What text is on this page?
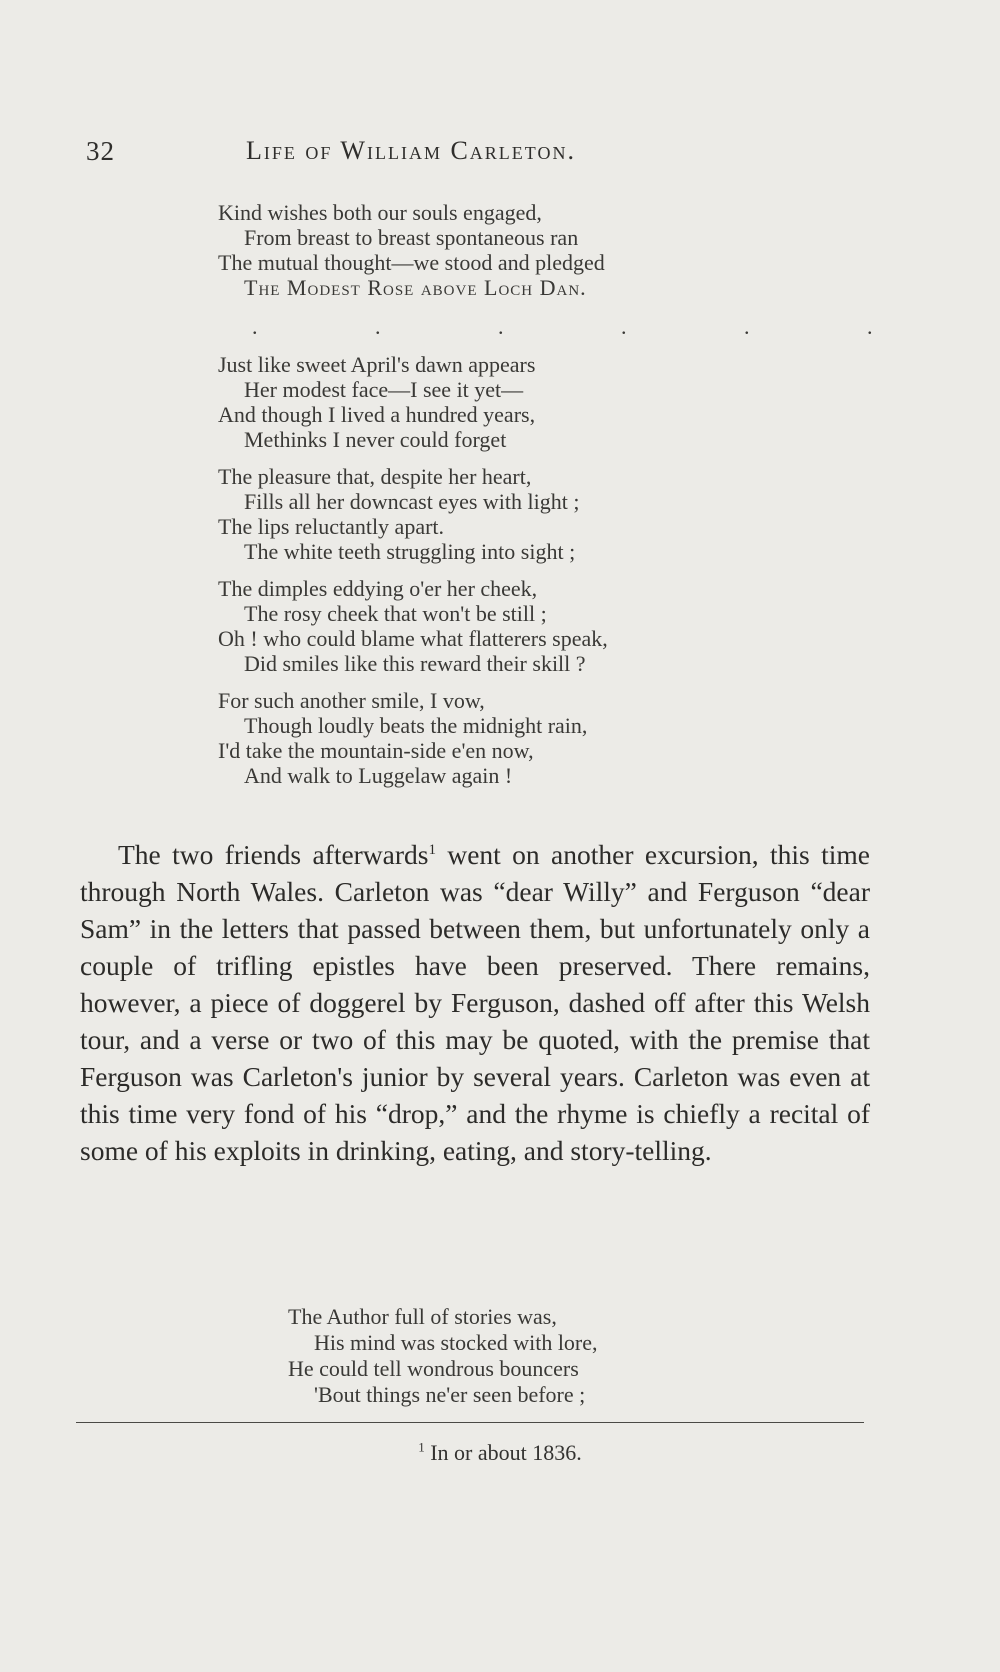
32	Life of William Carleton.
Kind wishes both our souls engaged,
From breast to breast spontaneous ran
The mutual thought—we stood and pledged
The Modest Rose above Loch Dan.
. . . . . .
Just like sweet April's dawn appears
Her modest face—I see it yet—
And though I lived a hundred years,
Methinks I never could forget
The pleasure that, despite her heart,
Fills all her downcast eyes with light ;
The lips reluctantly apart.
The white teeth struggling into sight ;
The dimples eddying o'er her cheek,
The rosy cheek that won't be still ;
Oh ! who could blame what flatterers speak,
Did smiles like this reward their skill ?
For such another smile, I vow,
Though loudly beats the midnight rain,
I'd take the mountain-side e'en now,
And walk to Luggelaw again !

The two friends afterwards$^1$ went on another excursion, this time through North Wales. Carleton was “dear Willy” and Ferguson “dear Sam” in the letters that passed between them, but unfortunately only a couple of trifling epistles have been preserved. There remains, however, a piece of doggerel by Ferguson, dashed off after this Welsh tour, and a verse or two of this may be quoted, with the premise that Ferguson was Carleton's junior by several years. Carleton was even at this time very fond of his “drop,” and the rhyme is chiefly a recital of some of his exploits in drinking, eating, and story-telling.

The Author full of stories was,
His mind was stocked with lore,
He could tell wondrous bouncers
'Bout things ne'er seen before ;
$^1$ In or about 1836.
